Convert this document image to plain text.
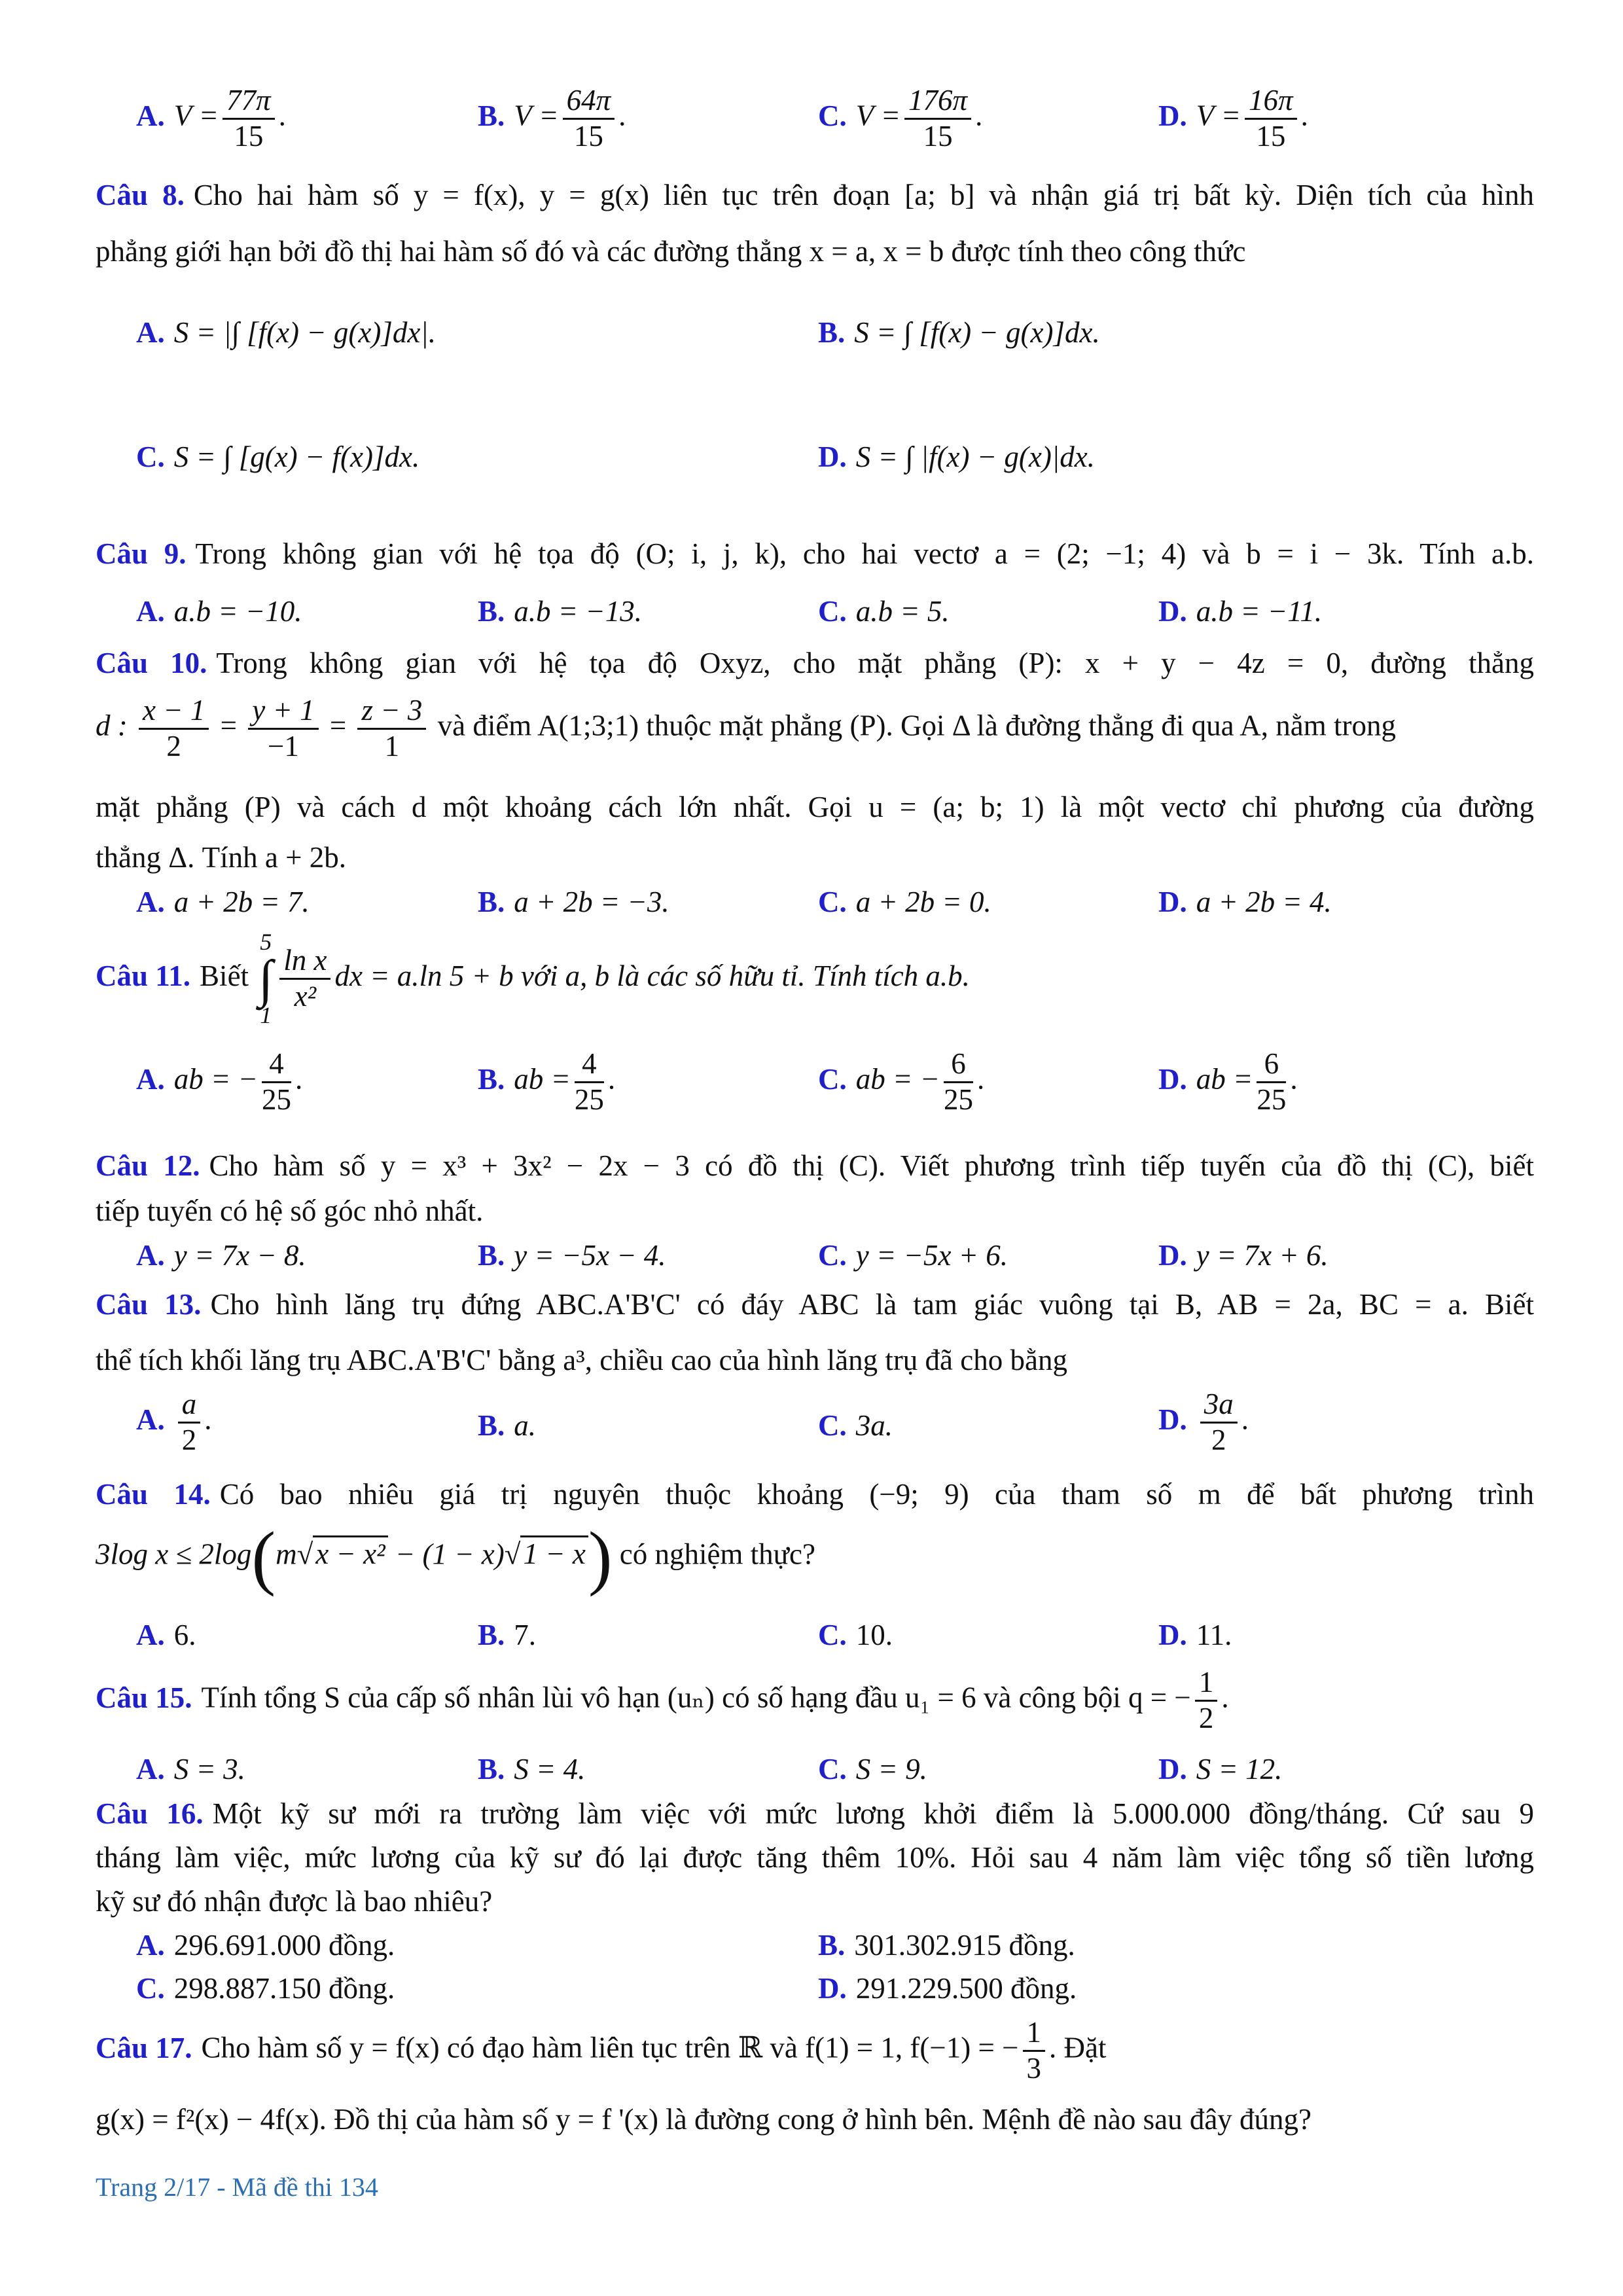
A. $V = \frac{77\pi}{15}$ .	B. $V = \frac{64\pi}{15}$ .	C. $V = \frac{176\pi}{15}$ .	D. $V = \frac{16\pi}{15}$ .
Câu 8. Cho hai hàm số y = f(x), y = g(x) liên tục trên đoạn [a; b] và nhận giá trị bất kỳ. Diện tích của hình
phẳng giới hạn bởi đồ thị hai hàm số đó và các đường thẳng x = a, x = b được tính theo công thức
A. S = |∫ [f(x) − g(x)]dx|.	B. S = ∫ [f(x) − g(x)]dx.
C. S = ∫ [g(x) − f(x)]dx.	D. S = ∫ |f(x) − g(x)|dx.
Câu 9. Trong không gian với hệ tọa độ (O; i, j, k), cho hai vectơ a = (2; −1; 4) và b = i − 3k. Tính a.b.
A. a.b = −10.	B. a.b = −13.	C. a.b = 5.	D. a.b = −11.
Câu 10. Trong không gian với hệ tọa độ Oxyz, cho mặt phẳng (P): x + y − 4z = 0, đường thẳng
d : $\frac{x - 1}{2} = \frac{y + 1}{-1} = \frac{z - 3}{1}$ và điểm A(1;3;1) thuộc mặt phẳng (P). Gọi Δ là đường thẳng đi qua A, nằm trong
mặt phẳng (P) và cách d một khoảng cách lớn nhất. Gọi u = (a; b; 1) là một vectơ chỉ phương của đường
thẳng Δ. Tính a + 2b.
A. a + 2b = 7.	B. a + 2b = −3.	C. a + 2b = 0.	D. a + 2b = 4.
Câu 11. Biết
5
∫
1
$\frac{\text{ln x}}{\text{x²}}$ dx = a.ln 5 + b với a, b là các số hữu tỉ. Tính tích a.b.
A. ab = − $\frac{4}{25}$ .	B. ab = $\frac{4}{25}$ .	C. ab = − $\frac{6}{25}$ .	D. ab = $\frac{6}{25}$ .
Câu 12. Cho hàm số y = x³ + 3x² − 2x − 3 có đồ thị (C). Viết phương trình tiếp tuyến của đồ thị (C), biết
tiếp tuyến có hệ số góc nhỏ nhất.
A. y = 7x − 8.	B. y = −5x − 4.	C. y = −5x + 6.	D. y = 7x + 6.
Câu 13. Cho hình lăng trụ đứng ABC.A'B'C' có đáy ABC là tam giác vuông tại B, AB = 2a, BC = a. Biết
thể tích khối lăng trụ ABC.A'B'C' bằng a³, chiều cao của hình lăng trụ đã cho bằng
A. $\frac{a}{2}$ .	B. a.	C. 3a.	D. $\frac{3a}{2}$ .
Câu 14. Có bao nhiêu giá trị nguyên thuộc khoảng (−9; 9) của tham số m để bất phương trình
3log x ≤ 2log(m√x − x² − (1 − x)√1 − x) có nghiệm thực?
A. 6.	B. 7.	C. 10.	D. 11.
Câu 15. Tính tổng S của cấp số nhân lùi vô hạn (uₙ) có số hạng đầu u₁ = 6 và công bội q = − $\frac{1}{2}$ .
A. S = 3.	B. S = 4.	C. S = 9.	D. S = 12.
Câu 16. Một kỹ sư mới ra trường làm việc với mức lương khởi điểm là 5.000.000 đồng/tháng. Cứ sau 9
tháng làm việc, mức lương của kỹ sư đó lại được tăng thêm 10%. Hỏi sau 4 năm làm việc tổng số tiền lương
kỹ sư đó nhận được là bao nhiêu?
A. 296.691.000 đồng.	B. 301.302.915 đồng.
C. 298.887.150 đồng.	D. 291.229.500 đồng.
Câu 17. Cho hàm số y = f(x) có đạo hàm liên tục trên ℝ và f(1) = 1, f(−1) = − $\frac{1}{3}$ . Đặt
g(x) = f²(x) − 4f(x). Đồ thị của hàm số y = f '(x) là đường cong ở hình bên. Mệnh đề nào sau đây đúng?
Trang 2/17 - Mã đề thi 134
